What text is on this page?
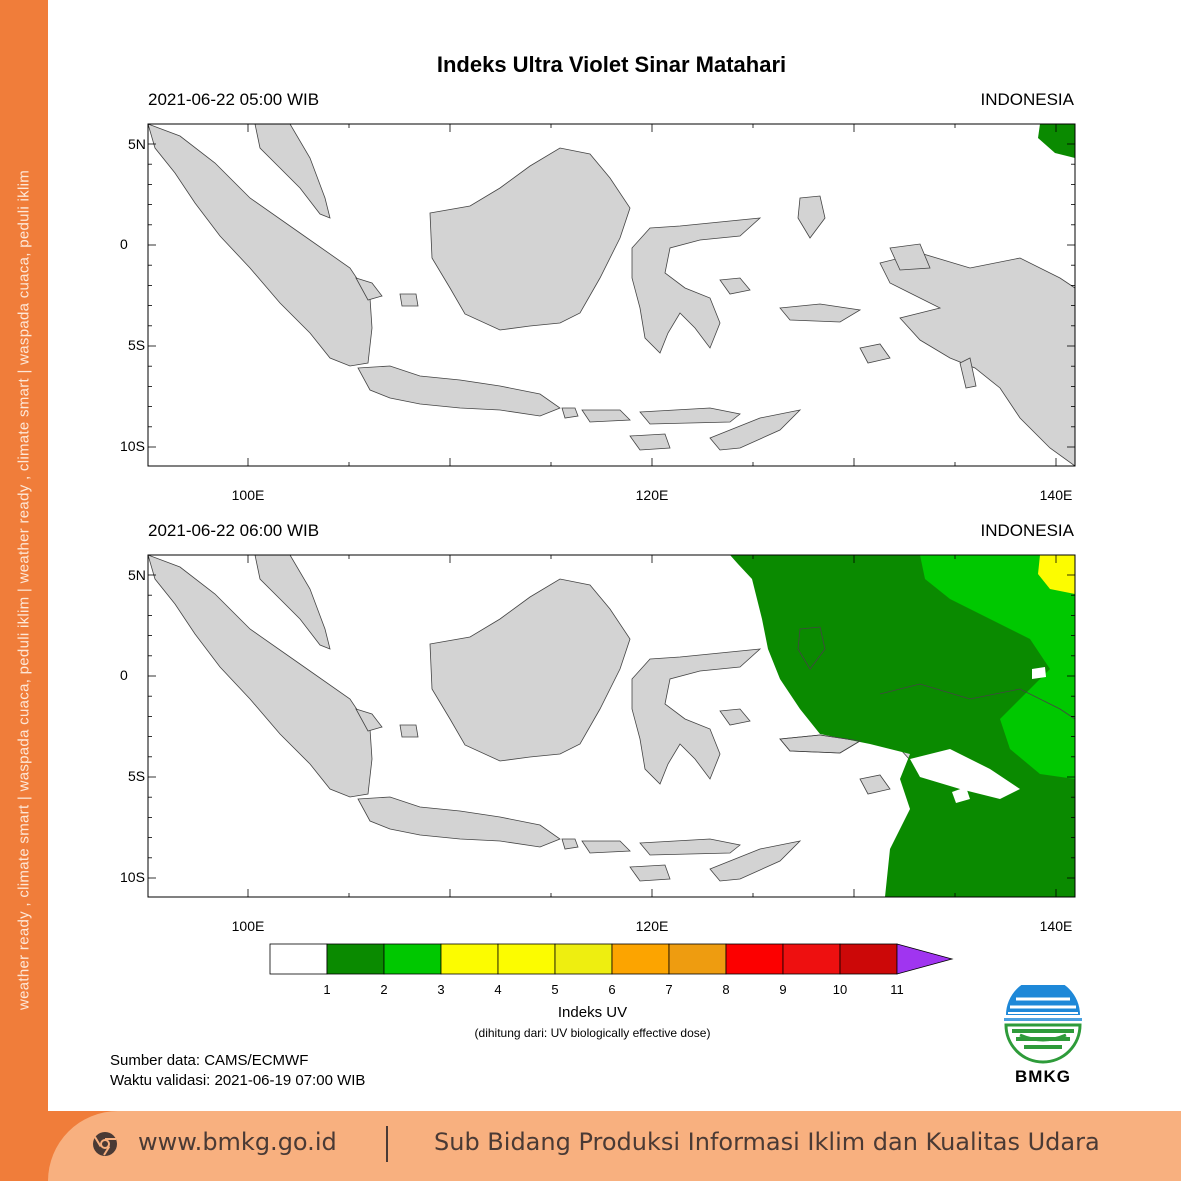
weather ready , climate smart | waspada cuaca, peduli iklim | weather ready , climate smart | waspada cuaca, peduli iklim
Indeks Ultra Violet Sinar Matahari
2021-06-22 05:00 WIB	INDONESIA
5N
0
5S
10S
100E	120E	140E
2021-06-22 06:00 WIB	INDONESIA
5N
0
5S
10S
100E	120E	140E
1	2	3	4	5	6	7	8	9	10	11
Indeks UV
(dihitung dari: UV biologically effective dose)
Sumber data: CAMS/ECMWF
Waktu validasi: 2021-06-19 07:00 WIB	BMKG
www.bmkg.go.id	Sub Bidang Produksi Informasi Iklim dan Kualitas Udara
